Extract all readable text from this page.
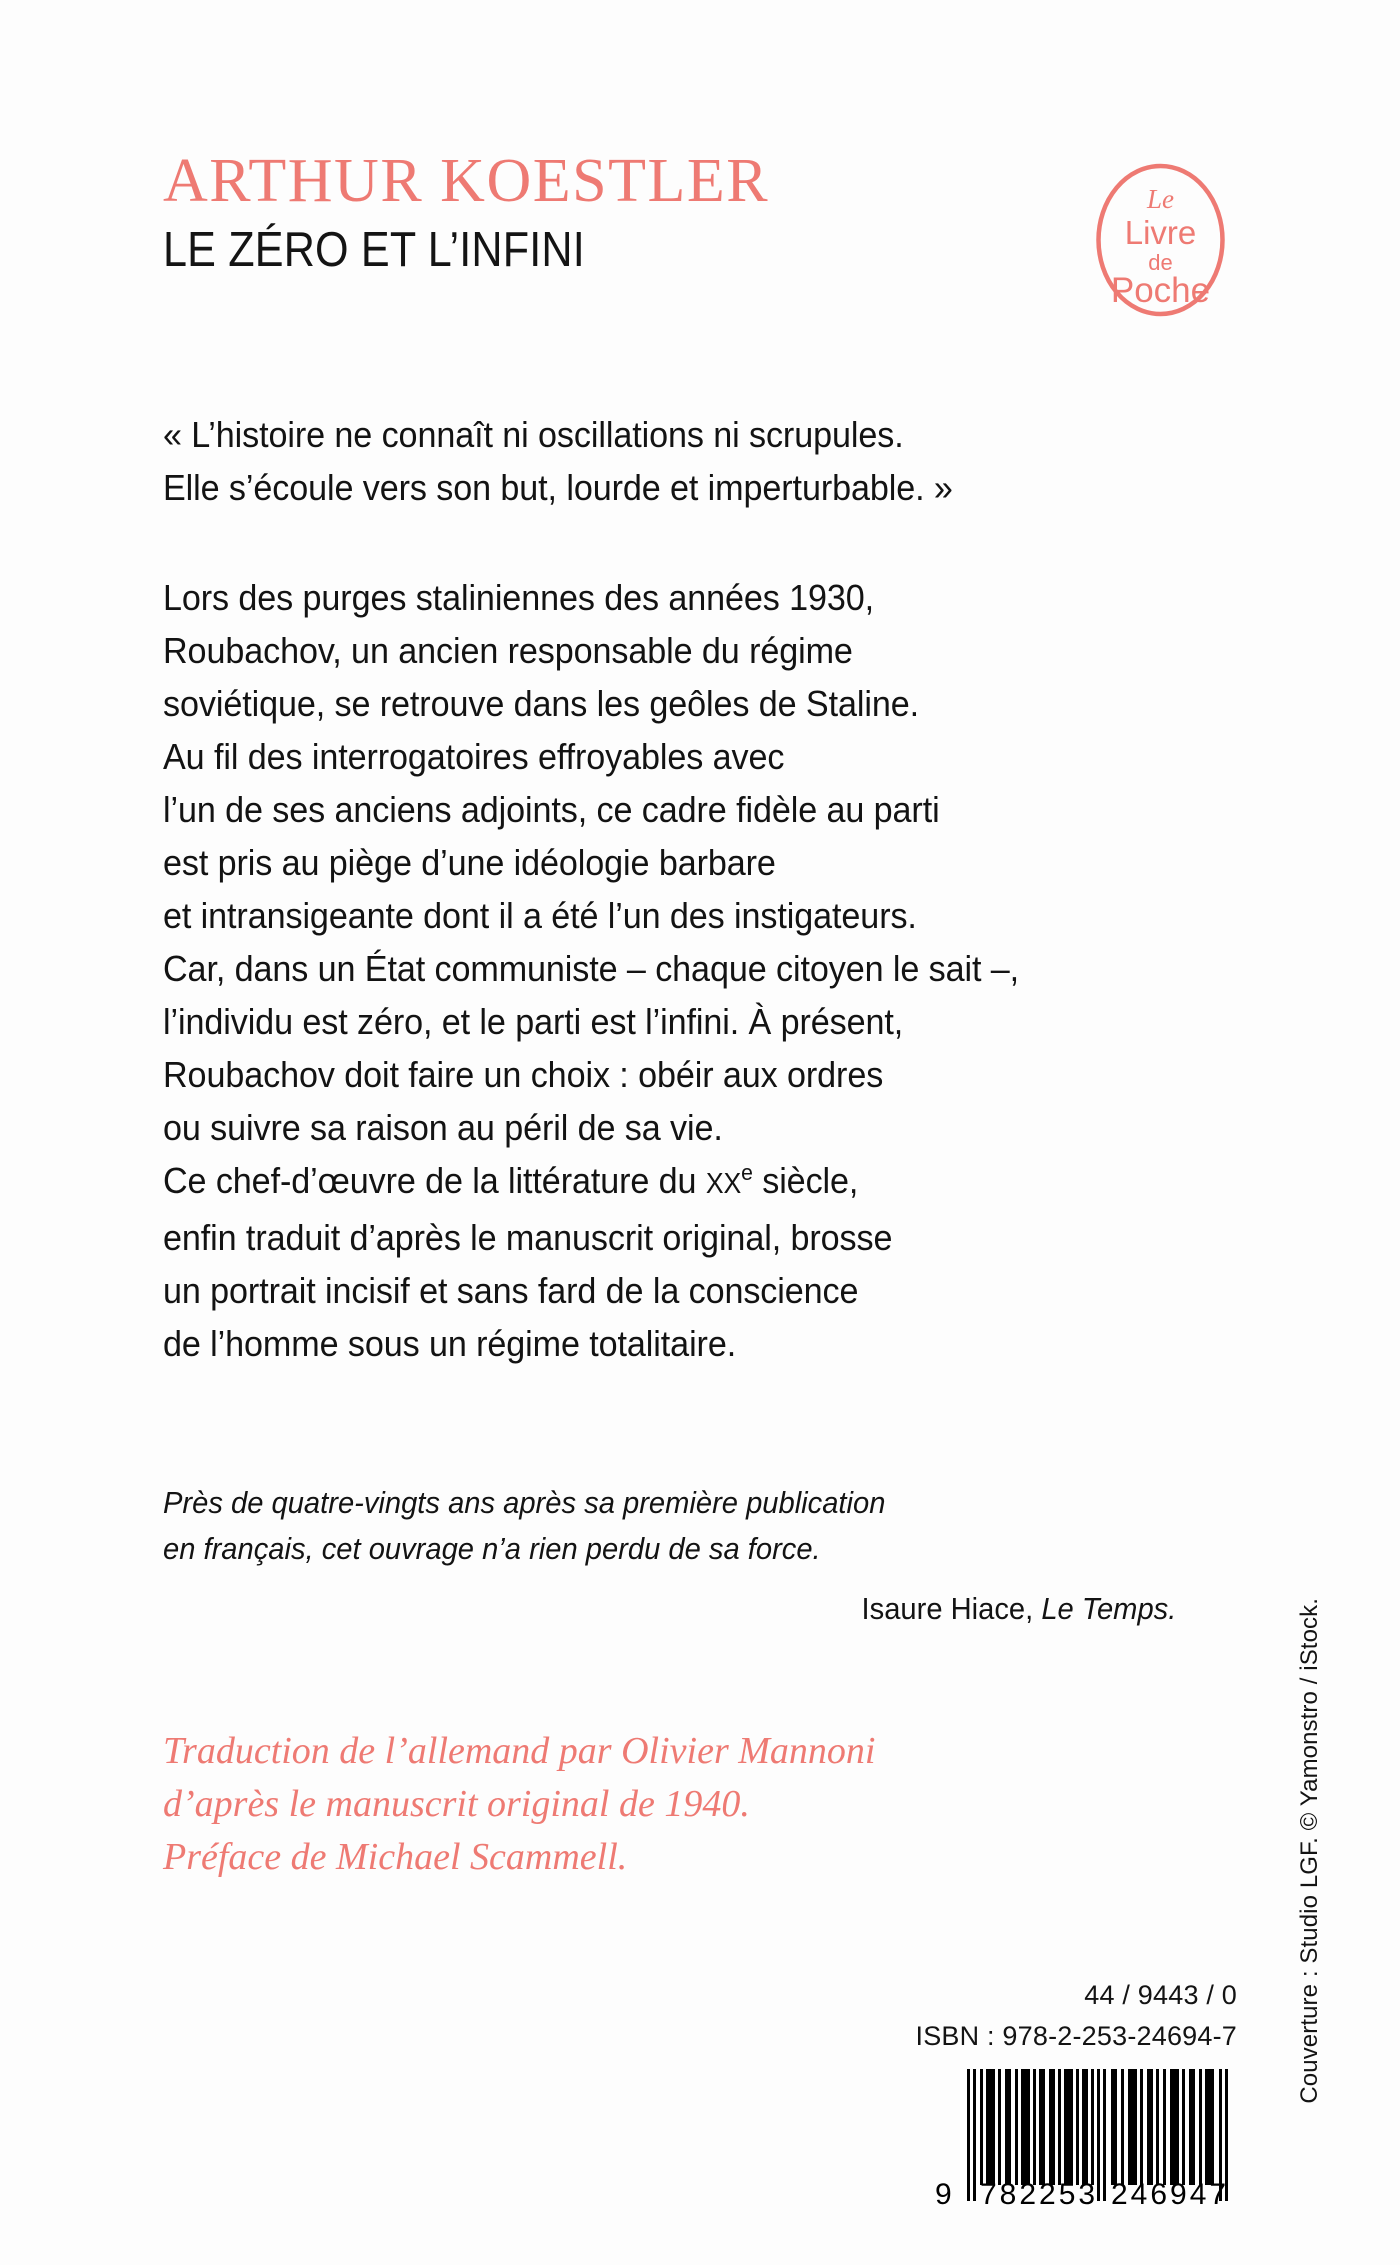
ARTHUR KOESTLER
LE ZÉRO ET L’INFINI
Le
Livre
de
Poche
« L’histoire ne connaît ni oscillations ni scrupules.
Elle s’écoule vers son but, lourde et imperturbable. »
Lors des purges staliniennes des années 1930,
Roubachov, un ancien responsable du régime
soviétique, se retrouve dans les geôles de Staline.
Au fil des interrogatoires effroyables avec
l’un de ses anciens adjoints, ce cadre fidèle au parti
est pris au piège d’une idéologie barbare
et intransigeante dont il a été l’un des instigateurs.
Car, dans un État communiste – chaque citoyen le sait –,
l’individu est zéro, et le parti est l’infini. À présent,
Roubachov doit faire un choix : obéir aux ordres
ou suivre sa raison au péril de sa vie.
Ce chef-d’œuvre de la littérature du XXe siècle,
enfin traduit d’après le manuscrit original, brosse
un portrait incisif et sans fard de la conscience
de l’homme sous un régime totalitaire.
Près de quatre-vingts ans après sa première publication
en français, cet ouvrage n’a rien perdu de sa force.
Isaure Hiace, Le Temps.
Traduction de l’allemand par Olivier Mannoni
d’après le manuscrit original de 1940.
Préface de Michael Scammell.
44 / 9443 / 0
ISBN : 978-2-253-24694-7
9 782253 246947
Couverture : Studio LGF. © Yamonstro / iStock.
